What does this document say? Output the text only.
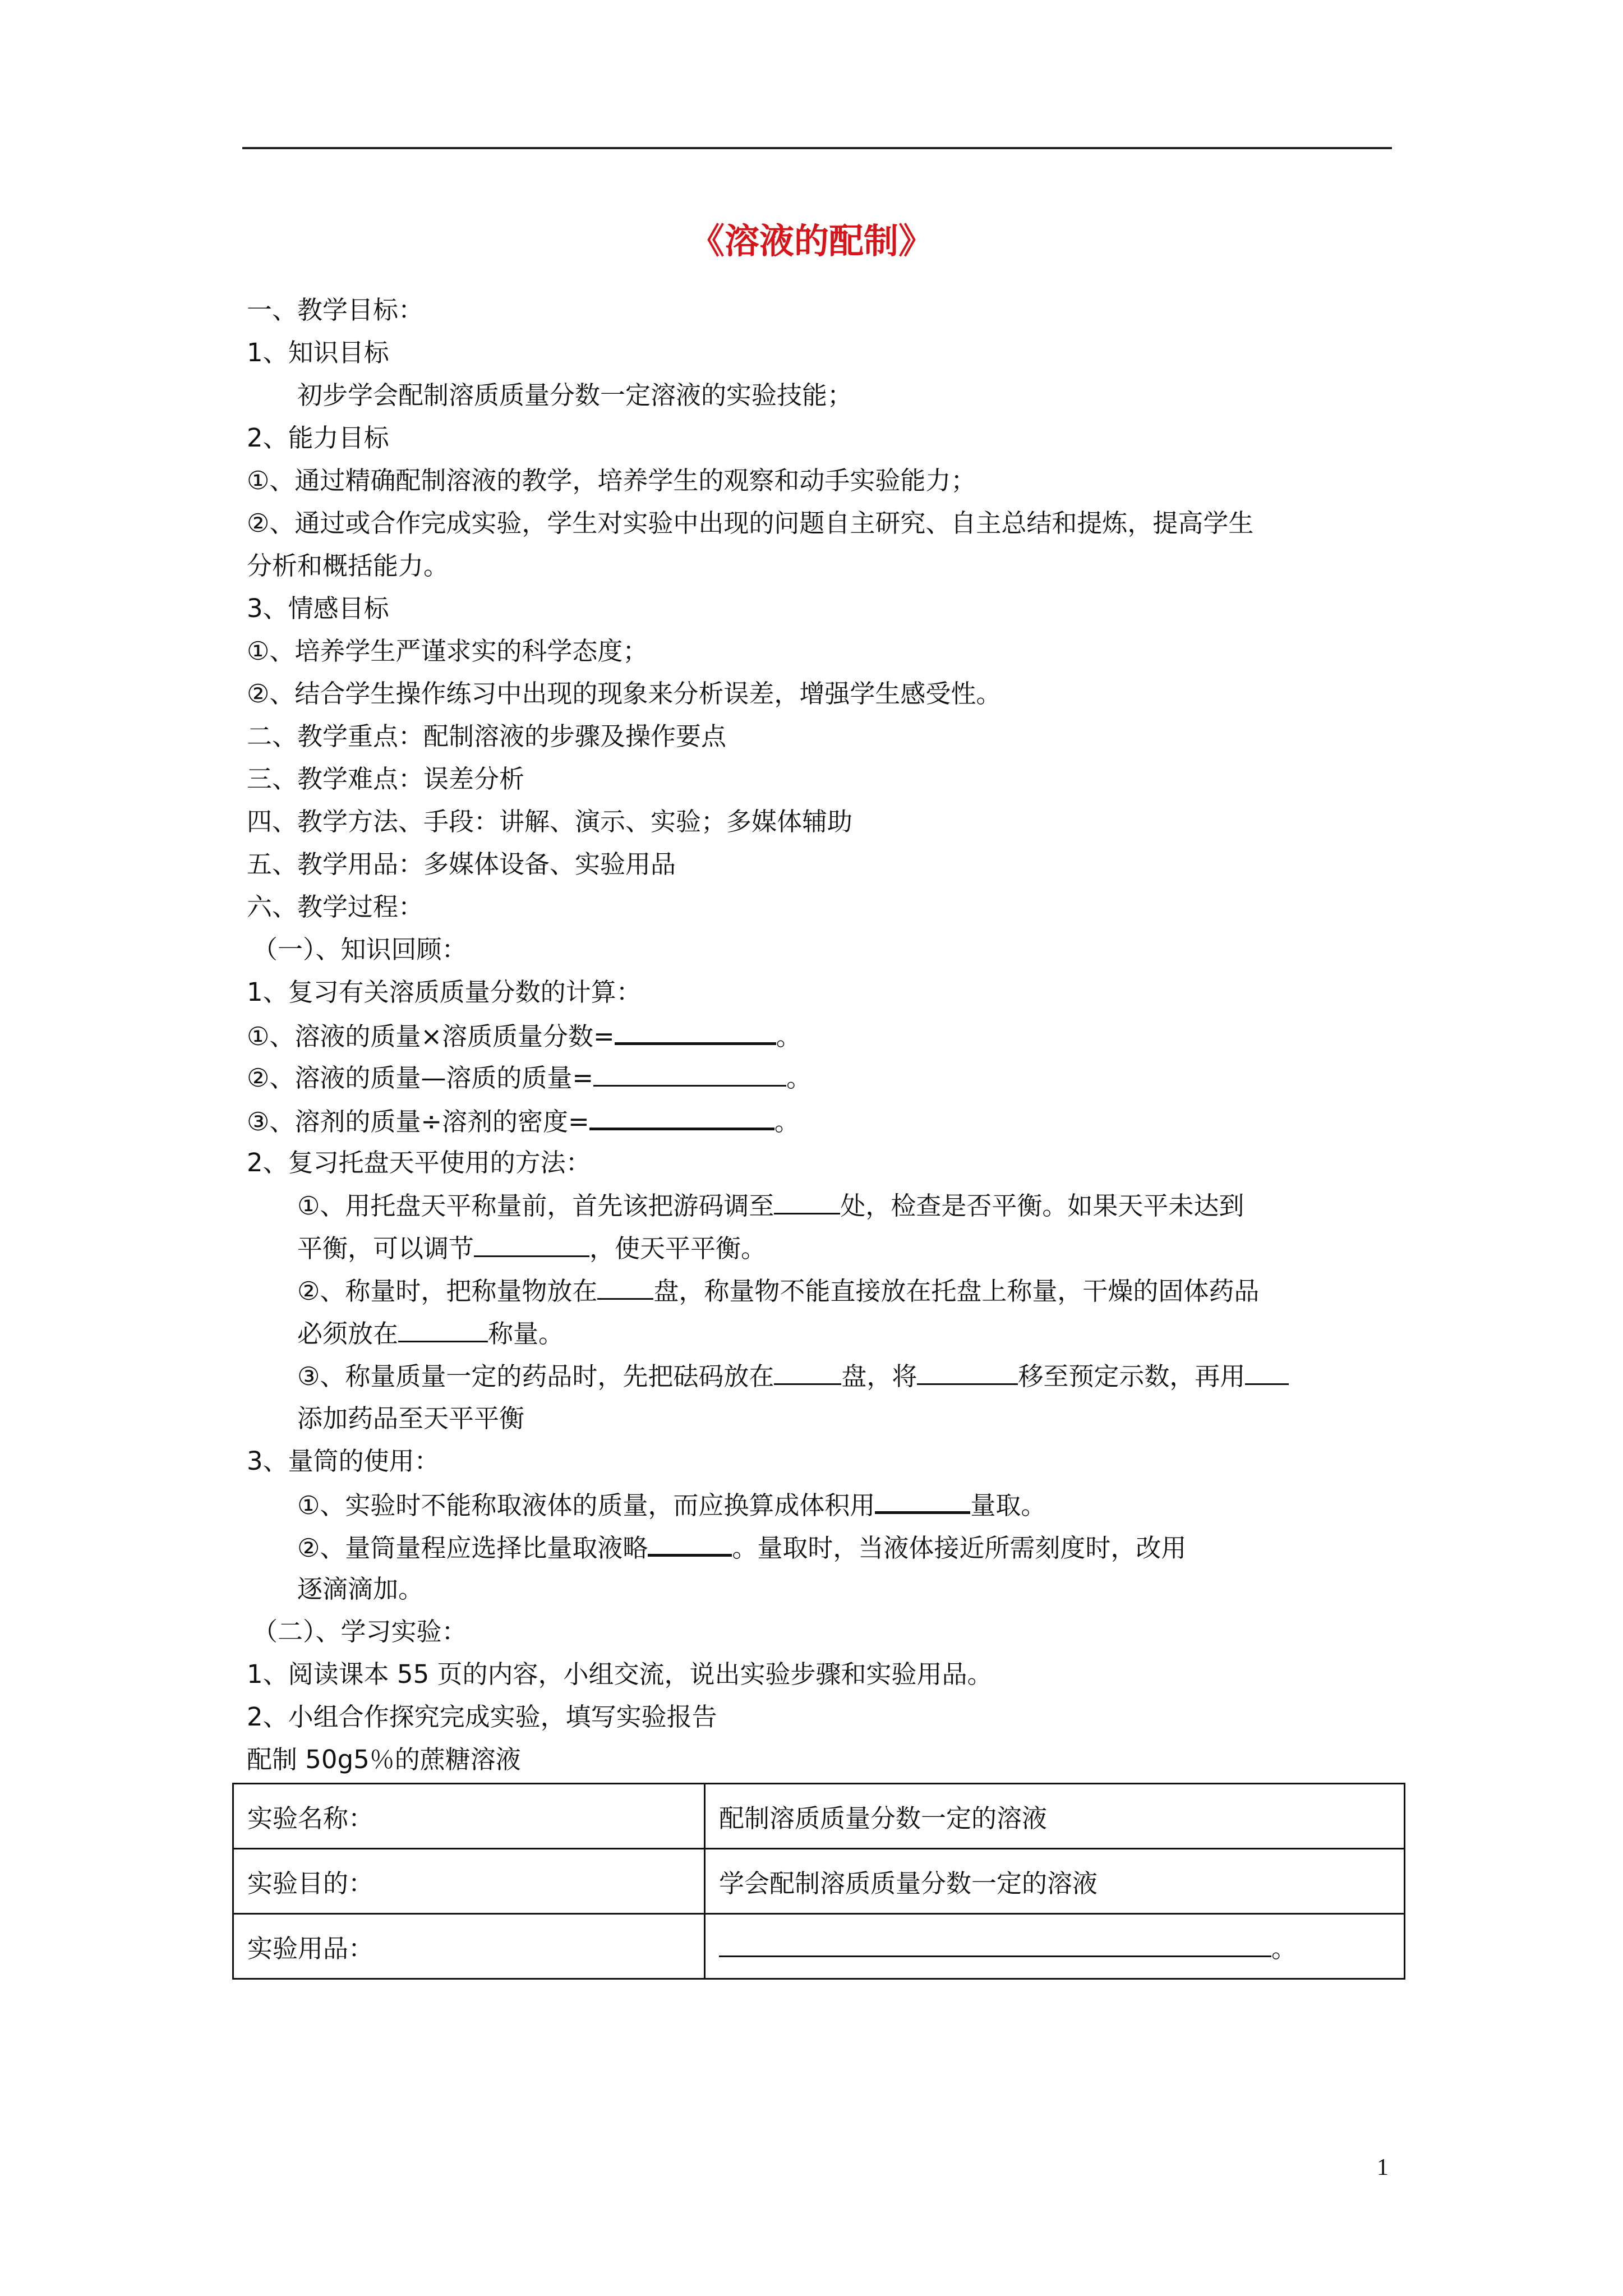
《溶液的配制》
一、教学目标：
1、知识目标
初步学会配制溶质质量分数一定溶液的实验技能；
2、能力目标
①、通过精确配制溶液的教学，培养学生的观察和动手实验能力；
②、通过或合作完成实验，学生对实验中出现的问题自主研究、自主总结和提炼，提高学生
分析和概括能力。
3、情感目标
①、培养学生严谨求实的科学态度；
②、结合学生操作练习中出现的现象来分析误差，增强学生感受性。
二、教学重点：配制溶液的步骤及操作要点
三、教学难点：误差分析
四、教学方法、手段：讲解、演示、实验；多媒体辅助
五、教学用品：多媒体设备、实验用品
六、教学过程：
（一）、知识回顾：
1、复习有关溶质质量分数的计算：
①、溶液的质量×溶质质量分数=	。
②、溶液的质量—溶质的质量=	。
③、溶剂的质量÷溶剂的密度=	。
2、复习托盘天平使用的方法：
①、用托盘天平称量前，首先该把游码调至	处，检查是否平衡。如果天平未达到
平衡，可以调节	，使天平平衡。
②、称量时，把称量物放在 盘，称量物不能直接放在托盘上称量，干燥的固体药品
必须放在	称量。
③、称量质量一定的药品时，先把砝码放在	盘，将	移至预定示数，再用
添加药品至天平平衡
3、量筒的使用：
①、实验时不能称取液体的质量，而应换算成体积用	量取。
②、量筒量程应选择比量取液略	。量取时，当液体接近所需刻度时，改用
逐滴滴加。
（二）、学习实验：
1、阅读课本 55 页的内容，小组交流，说出实验步骤和实验用品。
2、小组合作探究完成实验，填写实验报告
配制 50g5％的蔗糖溶液
实验名称：	配制溶质质量分数一定的溶液
实验目的：	学会配制溶质质量分数一定的溶液
实验用品：	。
1
